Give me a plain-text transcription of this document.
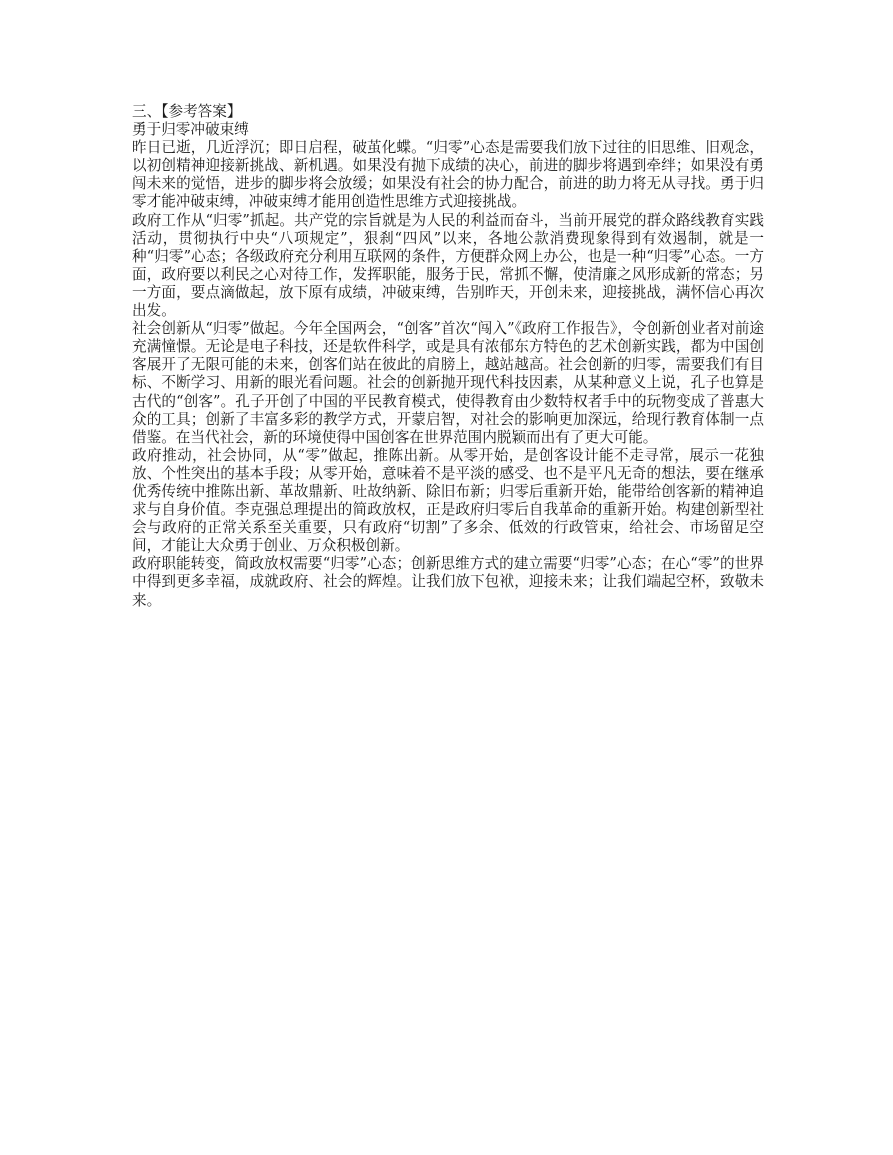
三、【参考答案】

勇于归零冲破束缚

昨日已逝，几近浮沉；即日启程，破茧化蝶。“归零”心态是需要我们放下过往的旧思维、旧观念，以初创精神迎接新挑战、新机遇。如果没有抛下成绩的决心，前进的脚步将遇到牵绊；如果没有勇闯未来的觉悟，进步的脚步将会放缓；如果没有社会的协力配合，前进的助力将无从寻找。勇于归零才能冲破束缚，冲破束缚才能用创造性思维方式迎接挑战。

政府工作从“归零”抓起。共产党的宗旨就是为人民的利益而奋斗，当前开展党的群众路线教育实践活动，贯彻执行中央“八项规定”，狠刹“四风”以来，各地公款消费现象得到有效遏制，就是一种“归零”心态；各级政府充分利用互联网的条件，方便群众网上办公，也是一种“归零”心态。一方面，政府要以利民之心对待工作，发挥职能，服务于民，常抓不懈，使清廉之风形成新的常态；另一方面，要点滴做起，放下原有成绩，冲破束缚，告别昨天，开创未来，迎接挑战，满怀信心再次出发。

社会创新从“归零”做起。今年全国两会，“创客”首次“闯入”《政府工作报告》，令创新创业者对前途充满憧憬。无论是电子科技，还是软件科学，或是具有浓郁东方特色的艺术创新实践，都为中国创客展开了无限可能的未来，创客们站在彼此的肩膀上，越站越高。社会创新的归零，需要我们有目标、不断学习、用新的眼光看问题。社会的创新抛开现代科技因素，从某种意义上说，孔子也算是古代的“创客”。孔子开创了中国的平民教育模式，使得教育由少数特权者手中的玩物变成了普惠大众的工具；创新了丰富多彩的教学方式，开蒙启智，对社会的影响更加深远，给现行教育体制一点借鉴。在当代社会，新的环境使得中国创客在世界范围内脱颖而出有了更大可能。

政府推动，社会协同，从“零”做起，推陈出新。从零开始，是创客设计能不走寻常，展示一花独放、个性突出的基本手段；从零开始，意味着不是平淡的感受、也不是平凡无奇的想法，要在继承优秀传统中推陈出新、革故鼎新、吐故纳新、除旧布新；归零后重新开始，能带给创客新的精神追求与自身价值。李克强总理提出的简政放权，正是政府归零后自我革命的重新开始。构建创新型社会与政府的正常关系至关重要，只有政府“切割”了多余、低效的行政管束，给社会、市场留足空间，才能让大众勇于创业、万众积极创新。

政府职能转变，简政放权需要“归零”心态；创新思维方式的建立需要“归零”心态；在心“零”的世界中得到更多幸福，成就政府、社会的辉煌。让我们放下包袱，迎接未来；让我们端起空杯，致敬未来。
